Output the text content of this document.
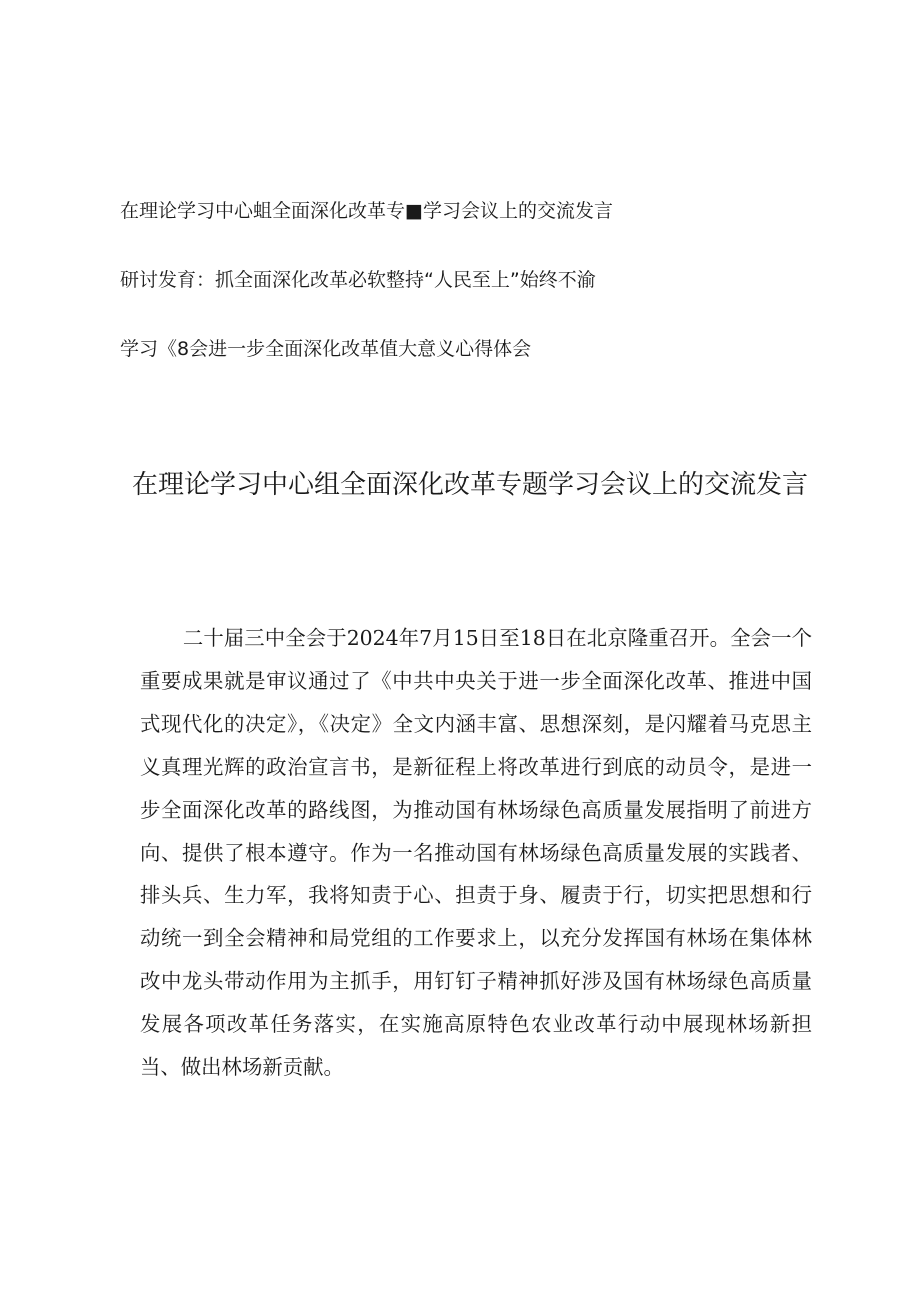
在理论学习中心蛆全面深化改革专■学习会议上的交流发言

研讨发育：抓全面深化改革必软整持“人民至上”始终不渝

学习《8会进一步全面深化改革值大意义心得体会

在理论学习中心组全面深化改革专题学习会议上的交流发言

二十届三中全会于2024年7月15日至18日在北京隆重召开。全会一个重要成果就是审议通过了《中共中央关于进一步全面深化改革、推进中国式现代化的决定》，《决定》全文内涵丰富、思想深刻，是闪耀着马克思主义真理光辉的政治宣言书，是新征程上将改革进行到底的动员令，是进一步全面深化改革的路线图，为推动国有林场绿色高质量发展指明了前进方向、提供了根本遵守。作为一名推动国有林场绿色高质量发展的实践者、排头兵、生力军，我将知责于心、担责于身、履责于行，切实把思想和行动统一到全会精神和局党组的工作要求上，以充分发挥国有林场在集体林改中龙头带动作用为主抓手，用钉钉子精神抓好涉及国有林场绿色高质量发展各项改革任务落实，在实施高原特色农业改革行动中展现林场新担当、做出林场新贡献。
